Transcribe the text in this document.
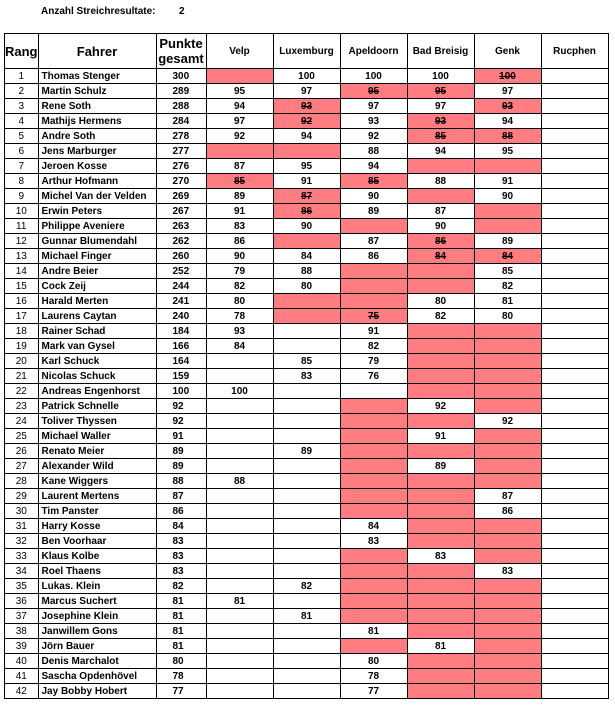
Anzahl Streichresultate: 2
Rang	Fahrer	Punkte gesamt	Velp	Luxemburg	Apeldoorn	Bad Breisig	Genk	Rucphen
1	Thomas Stenger	300		100	100	100	100	
2	Martin Schulz	289	95	97	95	95	97	
3	Rene Soth	288	94	93	97	97	93	
4	Mathijs Hermens	284	97	92	93	93	94	
5	Andre Soth	278	92	94	92	85	88	
6	Jens Marburger	277			88	94	95	
7	Jeroen Kosse	276	87	95	94			
8	Arthur Hofmann	270	85	91	85	88	91	
9	Michel Van der Velden	269	89	87	90		90	
10	Erwin Peters	267	91	86	89	87		
11	Philippe Aveniere	263	83	90		90		
12	Gunnar Blumendahl	262	86		87	86	89	
13	Michael Finger	260	90	84	86	84	84	
14	Andre Beier	252	79	88			85	
15	Cock Zeij	244	82	80			82	
16	Harald Merten	241	80			80	81	
17	Laurens Caytan	240	78		75	82	80	
18	Rainer Schad	184	93		91			
19	Mark van Gysel	166	84		82			
20	Karl Schuck	164		85	79			
21	Nicolas Schuck	159		83	76			
22	Andreas Engenhorst	100	100					
23	Patrick Schnelle	92				92		
24	Toliver Thyssen	92					92	
25	Michael Waller	91				91		
26	Renato Meier	89		89				
27	Alexander Wild	89				89		
28	Kane Wiggers	88	88					
29	Laurent Mertens	87					87	
30	Tim Panster	86					86	
31	Harry Kosse	84			84			
32	Ben Voorhaar	83			83			
33	Klaus Kolbe	83				83		
34	Roel Thaens	83					83	
35	Lukas. Klein	82		82				
36	Marcus Suchert	81	81					
37	Josephine Klein	81		81				
38	Janwillem Gons	81			81			
39	Jörn Bauer	81				81		
40	Denis Marchalot	80			80			
41	Sascha Opdenhövel	78			78			
42	Jay Bobby Hobert	77			77			
